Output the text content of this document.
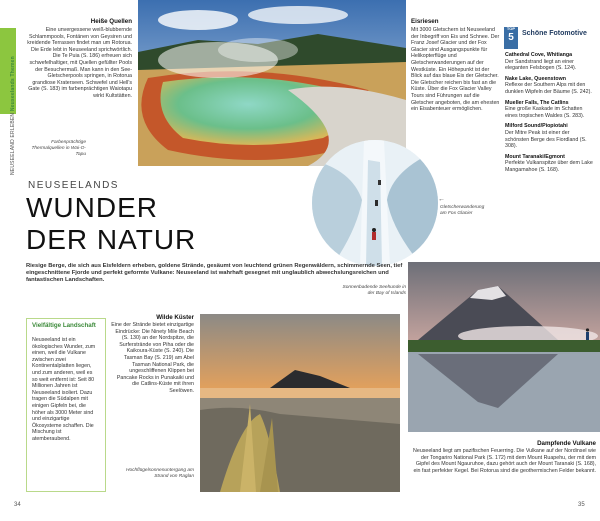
NEUSEELAND ERLEBEN Neuseelands Themen
Heiße Quellen
Eine unvergessene weiß-blubbernde Schlammpools, Fontänen von Geysiren und kreidende Terrassen findet man um Rotorua. Die Erde lebt in Neuseeland sprichwörtlich. Die Te Puia (S. 186) erfreuen sich schwefelhaltiger, mit Quellen gefüllter Pools der Besuchermaß. Man kann in den See-Gletscherpools springen, in Rotorua grandiose Kraterseen. Schwefel und Hell's Gate (S. 183) im farbenprächtigen Waiotapu wirkt Kultstätten.
Farbenprächtige Thermalquellen in Wai-O-Tapu
Eisriesen
Mit 3000 Gletschern ist Neuseeland der Inbegriff von Eis und Schnee. Der Franz Josef Glacier und der Fox Glacier sind Ausgangspunkte für Helikopterflüge und Gletscherwanderungen auf der Westküste. Ein Höhepunkt ist der Blick auf das blaue Eis der Gletscher. Die Gletscher reichen bis fast an die Küste. Über die Fox Glacier Valley Tours sind Führungen auf die Gletscher angeboten, die am ehesten ein Eisabenteuer ermöglichen.
TOP
5	Schöne Fotomotive
Cathedral Cove, Whitianga
Der Sandstrand liegt an einer eleganten Felsbogen (S. 124).
Nake Lake, Queenstown
Reflexe der Southern Alps mit den dunklen Wipfeln der Bäume (S. 242).
Mueller Falls, The Catlins
Eine große Kaskade im Schatten eines tropischen Waldes (S. 283).
Milford Sound/Piopiotahi
Der Mitre Peak ist einer der schönsten Berge des Fiordland (S. 308).
Mount Taranaki/Egmont
Perfekte Vulkanspitze über dem Lake Mangamahoe (S. 168).
NEUSEELANDS
WUNDER
DER NATUR
Gletscherwanderung am Fox Glacier
←
Riesige Berge, die sich aus Eisfeldern erheben, goldene Strände, gesäumt von leuchtend grünen Regenwäldern, schimmernde Seen, tief eingeschnittene Fjorde und perfekt geformte Vulkane: Neuseeland ist wahrhaft gesegnet mit unglaublich abwechslungsreichen und fantastischen Landschaften.
Sonnenbadende Seehunde in der Bay of Islands
Vielfältige Landschaft
Neuseeland ist ein ökologisches Wunder, zum einen, weil die Vulkane zwischen zwei Kontinentalplatten liegen, und zum anderen, weil es so weit entfernt ist: Seit 80 Millionen Jahren ist Neuseeland isoliert. Dazu tragen die Südalpen mit einigen Gipfeln bei, die höher als 3000 Meter sind und einzigartige Ökosysteme schaffen. Die Mischung ist atemberaubend.
Wilde Küster
Eine der Strände bietet einzigartige Eindrücke: Die Ninety Mile Beach (S. 130) an der Nordspitze, die Surferstrände von Piha oder die Kaikoura-Küste (S. 240). Die Tasman Bay (S. 219) am Abel Tasman National Park, die ungeschliffenen Klippen bei Pancake Rocks in Punakaiki und die Catlins-Küste mit ihren Seelöwen.
Hochflügelsonnenuntergang am Strand von Raglan
Dampfende Vulkane
Neuseeland liegt am pazifischen Feuerring. Die Vulkane auf der Nordinsel wie der Tongariro National Park (S. 172) mit dem Mount Ruapehu, der mit dem Gipfel des Mount Ngauruhoe, dazu gehört auch der Mount Taranaki (S. 168), ein fast perfekter Kegel. Bei Rotorua sind die geothermischen Felder bekannt.
34	35
